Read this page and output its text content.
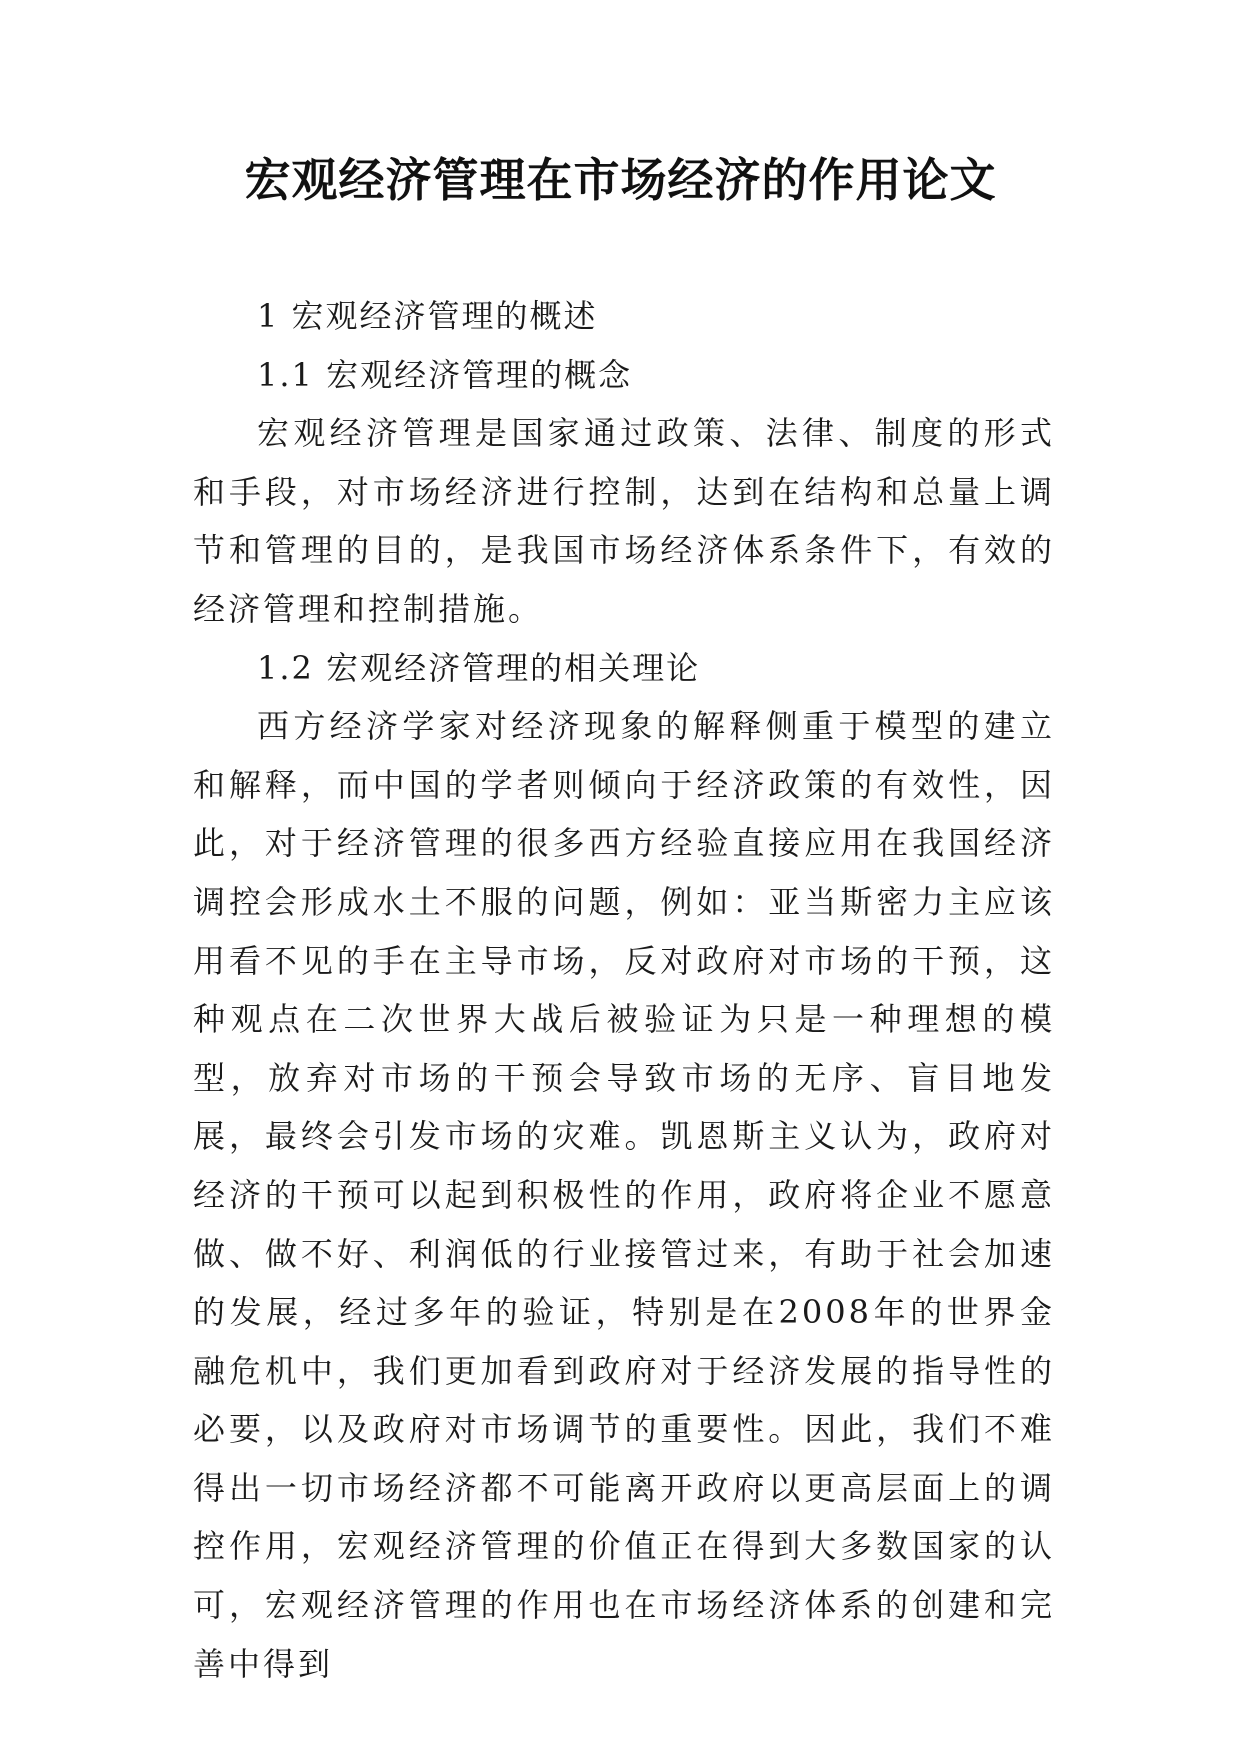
宏观经济管理在市场经济的作用论文

1 宏观经济管理的概述

1.1 宏观经济管理的概念

宏观经济管理是国家通过政策、法律、制度的形式和手段，对市场经济进行控制，达到在结构和总量上调节和管理的目的，是我国市场经济体系条件下，有效的经济管理和控制措施。

1.2 宏观经济管理的相关理论

西方经济学家对经济现象的解释侧重于模型的建立和解释，而中国的学者则倾向于经济政策的有效性，因此，对于经济管理的很多西方经验直接应用在我国经济调控会形成水土不服的问题，例如：亚当斯密力主应该用看不见的手在主导市场，反对政府对市场的干预，这种观点在二次世界大战后被验证为只是一种理想的模型，放弃对市场的干预会导致市场的无序、盲目地发展，最终会引发市场的灾难。凯恩斯主义认为，政府对经济的干预可以起到积极性的作用，政府将企业不愿意做、做不好、利润低的行业接管过来，有助于社会加速的发展，经过多年的验证，特别是在2008年的世界金融危机中，我们更加看到政府对于经济发展的指导性的必要，以及政府对市场调节的重要性。因此，我们不难得出一切市场经济都不可能离开政府以更高层面上的调控作用，宏观经济管理的价值正在得到大多数国家的认可，宏观经济管理的作用也在市场经济体系的创建和完善中得到
